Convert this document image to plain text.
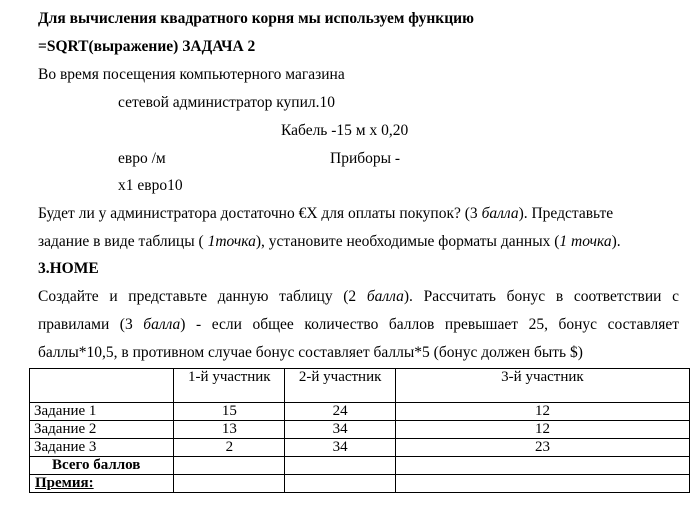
Для вычисления квадратного корня мы используем функцию
=SQRT(выражение) ЗАДАЧА 2
Во время посещения компьютерного магазина
сетевой администратор купил.10
Кабель -15 м x 0,20
евро /м	Приборы -
x1 евро10
Будет ли у администратора достаточно €X для оплаты покупок? (3 балла). Представьте
задание в виде таблицы ( 1точка), установите необходимые форматы данных (1 точка).
3.HOME
Создайте и представьте данную таблицу (2 балла). Рассчитать бонус в соответствии с
правилами (3 балла) - если общее количество баллов превышает 25, бонус составляет
баллы*10,5, в противном случае бонус составляет баллы*5 (бонус должен быть $)
	1-й участник	2-й участник	3-й участник
Задание 1	15	24	12
Задание 2	13	34	12
Задание 3	2	34	23
Всего баллов			
Премия:			
